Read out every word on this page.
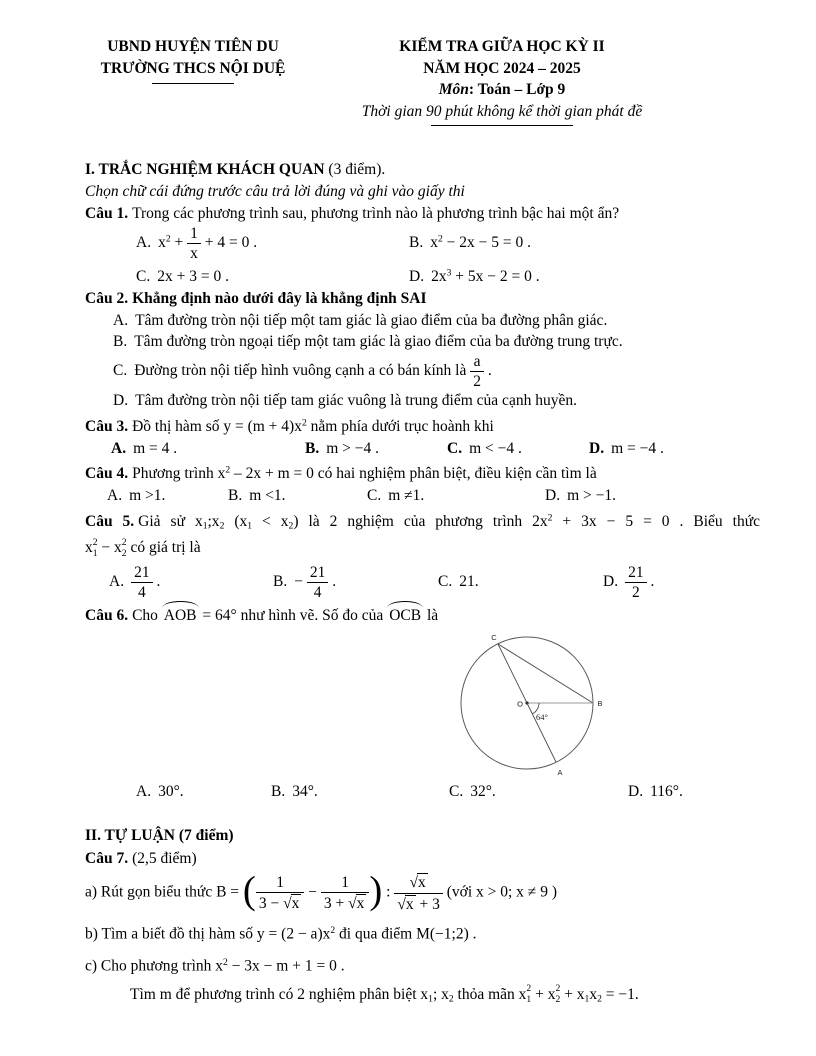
UBND HUYỆN TIÊN DU
TRƯỜNG THCS NỘI DUỆ
KIỂM TRA GIỮA HỌC KỲ II
NĂM HỌC 2024 – 2025
Môn: Toán – Lớp 9
Thời gian 90 phút không kể thời gian phát đề
I. TRẮC NGHIỆM KHÁCH QUAN (3 điểm).
Chọn chữ cái đứng trước câu trả lời đúng và ghi vào giấy thi
Câu 1. Trong các phương trình sau, phương trình nào là phương trình bậc hai một ẩn?
A. $x^2 + \frac{1}{x} + 4 = 0$ .	B. $x^2 - 2x - 5 = 0$ .
C. 2x + 3 = 0 .	D. $2x^3 + 5x - 2 = 0$ .
Câu 2. Khẳng định nào dưới đây là khẳng định SAI
A. Tâm đường tròn nội tiếp một tam giác là giao điểm của ba đường phân giác.
B. Tâm đường tròn ngoại tiếp một tam giác là giao điểm của ba đường trung trực.
C. Đường tròn nội tiếp hình vuông cạnh a có bán kính là $\frac{a}{2}$ .
D. Tâm đường tròn nội tiếp tam giác vuông là trung điểm của cạnh huyền.
Câu 3. Đồ thị hàm số $y = (m + 4)x^2$ nằm phía dưới trục hoành khi
A. m = 4 .	B. m > −4 .	C. m < −4 .	D. m = −4 .
Câu 4. Phương trình $x^2 - 2x + m = 0$ có hai nghiệm phân biệt, điều kiện cần tìm là
A. m >1.	B. m <1.	C. m ≠1.	D. m > −1.
Câu 5. Giả sử x1;x2 (x1 < x2) là 2 nghiệm của phương trình $2x^2 + 3x - 5 = 0$ . Biểu thức
x 2
1 − x 2
2 có giá trị là
A. $\frac{21}{4}$ .	B. − $\frac{21}{4}$ .	C. 21.	D. $\frac{21}{2}$ .
Câu 6. Cho AOB = 64° như hình vẽ. Số đo của OCB là
C
B
A
O
64°
A. 30°.	B. 34°.	C. 32°.	D. 116°.
II. TỰ LUẬN (7 điểm)
Câu 7. (2,5 điểm)
a) Rút gọn biểu thức B = ( $\frac{1}{3 - √x} - \frac{1}{3 + √x}$ ) : $\frac{√x}{√x + 3}$ (với x > 0; x ≠ 9 )
b) Tìm a biết đồ thị hàm số $y = (2 - a)x^2$ đi qua điểm M(−1;2) .
c) Cho phương trình $x^2 - 3x - m + 1 = 0$ .
Tìm m để phương trình có 2 nghiệm phân biệt x1; x2 thỏa mãn x 2
1 + x 2
2 + x1x2 = −1.
